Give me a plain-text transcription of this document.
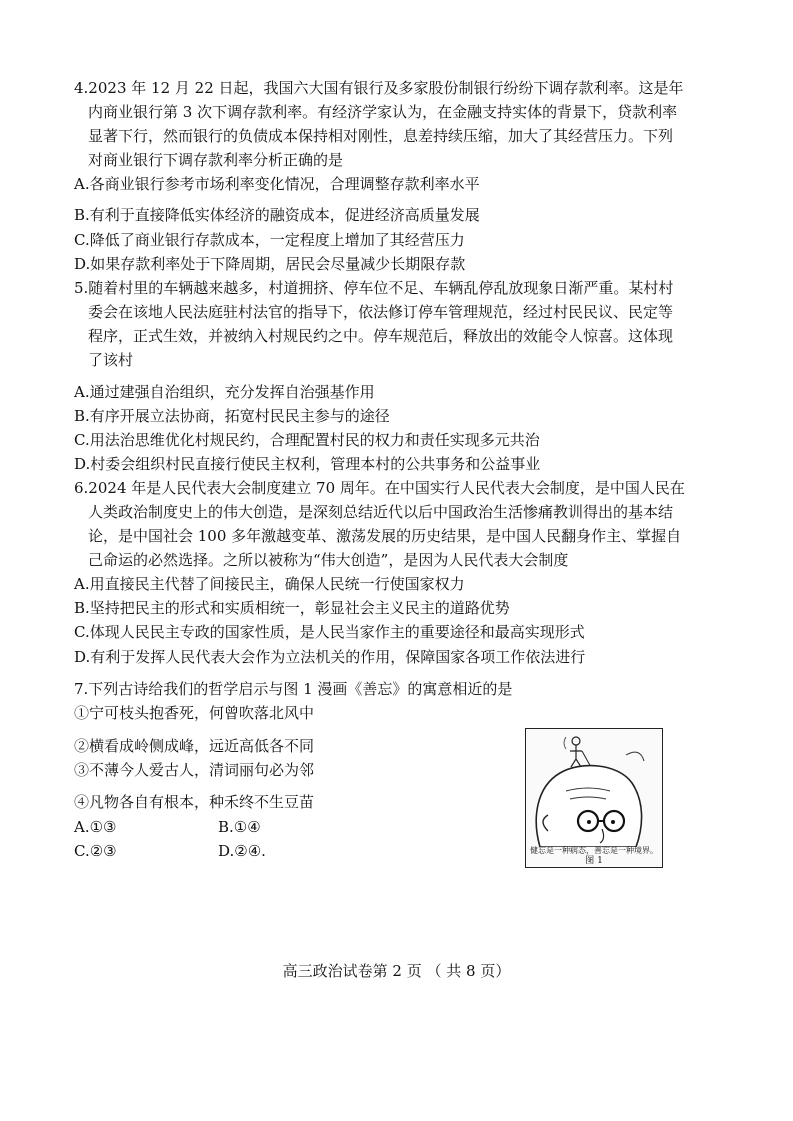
4.2023 年 12 月 22 日起，我国六大国有银行及多家股份制银行纷纷下调存款利率。这是年
内商业银行第 3 次下调存款利率。有经济学家认为，在金融支持实体的背景下，贷款利率
显著下行，然而银行的负债成本保持相对刚性，息差持续压缩，加大了其经营压力。下列
对商业银行下调存款利率分析正确的是
A.各商业银行参考市场利率变化情况，合理调整存款利率水平
B.有利于直接降低实体经济的融资成本，促进经济高质量发展
C.降低了商业银行存款成本，一定程度上增加了其经营压力
D.如果存款利率处于下降周期，居民会尽量减少长期限存款
5.随着村里的车辆越来越多，村道拥挤、停车位不足、车辆乱停乱放现象日渐严重。某村村
委会在该地人民法庭驻村法官的指导下，依法修订停车管理规范，经过村民民议、民定等
程序，正式生效，并被纳入村规民约之中。停车规范后，释放出的效能令人惊喜。这体现
了该村
A.通过建强自治组织，充分发挥自治强基作用
B.有序开展立法协商，拓宽村民民主参与的途径
C.用法治思维优化村规民约，合理配置村民的权力和责任实现多元共治
D.村委会组织村民直接行使民主权利，管理本村的公共事务和公益事业
6.2024 年是人民代表大会制度建立 70 周年。在中国实行人民代表大会制度，是中国人民在
人类政治制度史上的伟大创造，是深刻总结近代以后中国政治生活惨痛教训得出的基本结
论，是中国社会 100 多年激越变革、激荡发展的历史结果，是中国人民翻身作主、掌握自
己命运的必然选择。之所以被称为“伟大创造”，是因为人民代表大会制度
A.用直接民主代替了间接民主，确保人民统一行使国家权力
B.坚持把民主的形式和实质相统一，彰显社会主义民主的道路优势
C.体现人民民主专政的国家性质，是人民当家作主的重要途径和最高实现形式
D.有利于发挥人民代表大会作为立法机关的作用，保障国家各项工作依法进行
7.下列古诗给我们的哲学启示与图 1 漫画《善忘》的寓意相近的是
①宁可枝头抱香死，何曾吹落北风中
②横看成岭侧成峰，远近高低各不同
③不薄今人爱古人，清词丽句必为邻
④凡物各自有根本，种禾终不生豆苗
A.①③	B.①④
C.②③	D.②④.	健忘是一种病态，善忘是一种境界。
图 1
高三政治试卷第 2 页 （ 共 8 页）
